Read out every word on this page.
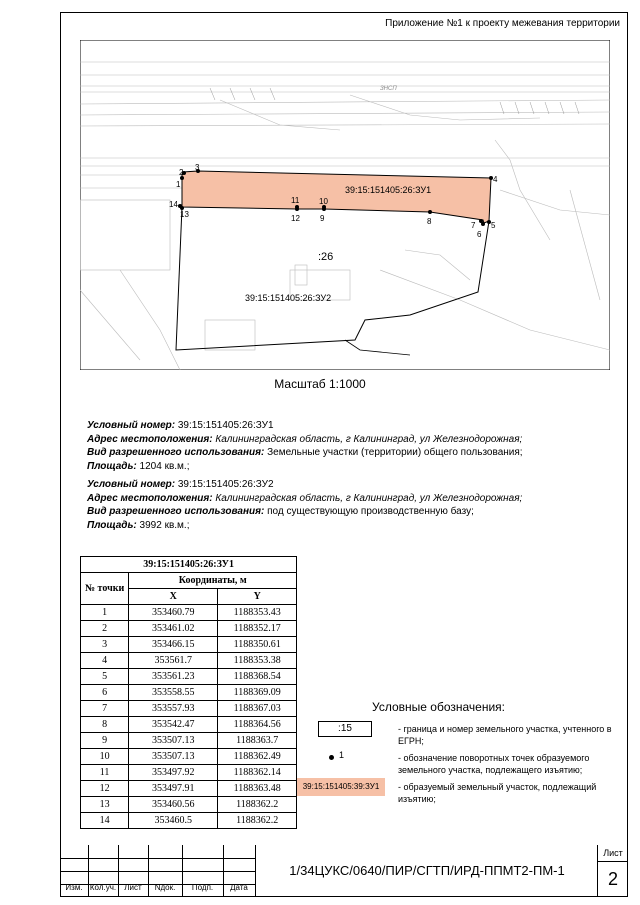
Приложение №1 к проекту межевания территории
ЗНСП
1
2
3
4
5
6
7
8
9
10
11
12
13
14
39:15:151405:26:ЗУ1
39:15:151405:26:ЗУ2
:26
Масштаб 1:1000
Условный номер: 39:15:151405:26:ЗУ1
Адрес местоположения: Калининградская область, г Калининград, ул Железнодорожная;
Вид разрешенного использования: Земельные участки (территории) общего пользования;
Площадь: 1204 кв.м.;
Условный номер: 39:15:151405:26:ЗУ2
Адрес местоположения: Калининградская область, г Калининград, ул Железнодорожная;
Вид разрешенного использования: под существующую производственную базу;
Площадь: 3992 кв.м.;
39:15:151405:26:ЗУ1		
№ точки	Координаты, м	
	X	Y
1	353460.79	1188353.43
2	353461.02	1188352.17
3	353466.15	1188350.61
4	353561.7	1188353.38
5	353561.23	1188368.54
6	353558.55	1188369.09
7	353557.93	1188367.03
8	353542.47	1188364.56
9	353507.13	1188363.7
10	353507.13	1188362.49
11	353497.92	1188362.14
12	353497.91	1188363.48
13	353460.56	1188362.2
14	353460.5	1188362.2
Условные обозначения:
:15	- граница и номер земельного участка, учтенного в ЕГРН;
1	- обозначение поворотных точек образуемого земельного участка, подлежащего изъятию;
39:15:151405:39:ЗУ1	- образуемый земельный участок, подлежащий изъятию;
Изм. Кол.уч.	Лист	Nдок.	Подп.	Дата
1/34ЦУКС/0640/ПИР/СГТП/ИРД-ППМТ2-ПМ-1
Лист
2
